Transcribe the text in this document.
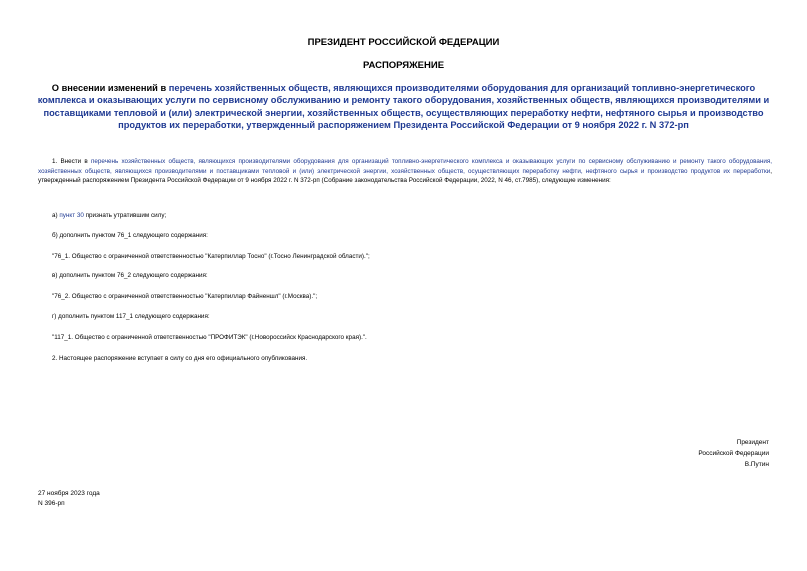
ПРЕЗИДЕНТ РОССИЙСКОЙ ФЕДЕРАЦИИ
РАСПОРЯЖЕНИЕ
О внесении изменений в перечень хозяйственных обществ, являющихся производителями оборудования для организаций топливно-энергетического комплекса и оказывающих услуги по сервисному обслуживанию и ремонту такого оборудования, хозяйственных обществ, являющихся производителями и поставщиками тепловой и (или) электрической энергии, хозяйственных обществ, осуществляющих переработку нефти, нефтяного сырья и производство продуктов их переработки, утвержденный распоряжением Президента Российской Федерации от 9 ноября 2022 г. N 372-рп
1. Внести в перечень хозяйственных обществ, являющихся производителями оборудования для организаций топливно-энергетического комплекса и оказывающих услуги по сервисному обслуживанию и ремонту такого оборудования, хозяйственных обществ, являющихся производителями и поставщиками тепловой и (или) электрической энергии, хозяйственных обществ, осуществляющих переработку нефти, нефтяного сырья и производство продуктов их переработки, утвержденный распоряжением Президента Российской Федерации от 9 ноября 2022 г. N 372-рп (Собрание законодательства Российской Федерации, 2022, N 46, ст.7985), следующие изменения:
а) пункт 30 признать утратившим силу;
б) дополнить пунктом 76_1 следующего содержания:
"76_1. Общество с ограниченной ответственностью "Катерпиллар Тосно" (г.Тосно Ленинградской области).";
в) дополнить пунктом 76_2 следующего содержания:
"76_2. Общество с ограниченной ответственностью "Катерпиллар Файненшл" (г.Москва).";
г) дополнить пунктом 117_1 следующего содержания:
"117_1. Общество с ограниченной ответственностью "ПРОФИТЭК" (г.Новороссийск Краснодарского края).".
2. Настоящее распоряжение вступает в силу со дня его официального опубликования.
Президент
Российской Федерации
В.Путин
27 ноября 2023 года
N 396-рп
